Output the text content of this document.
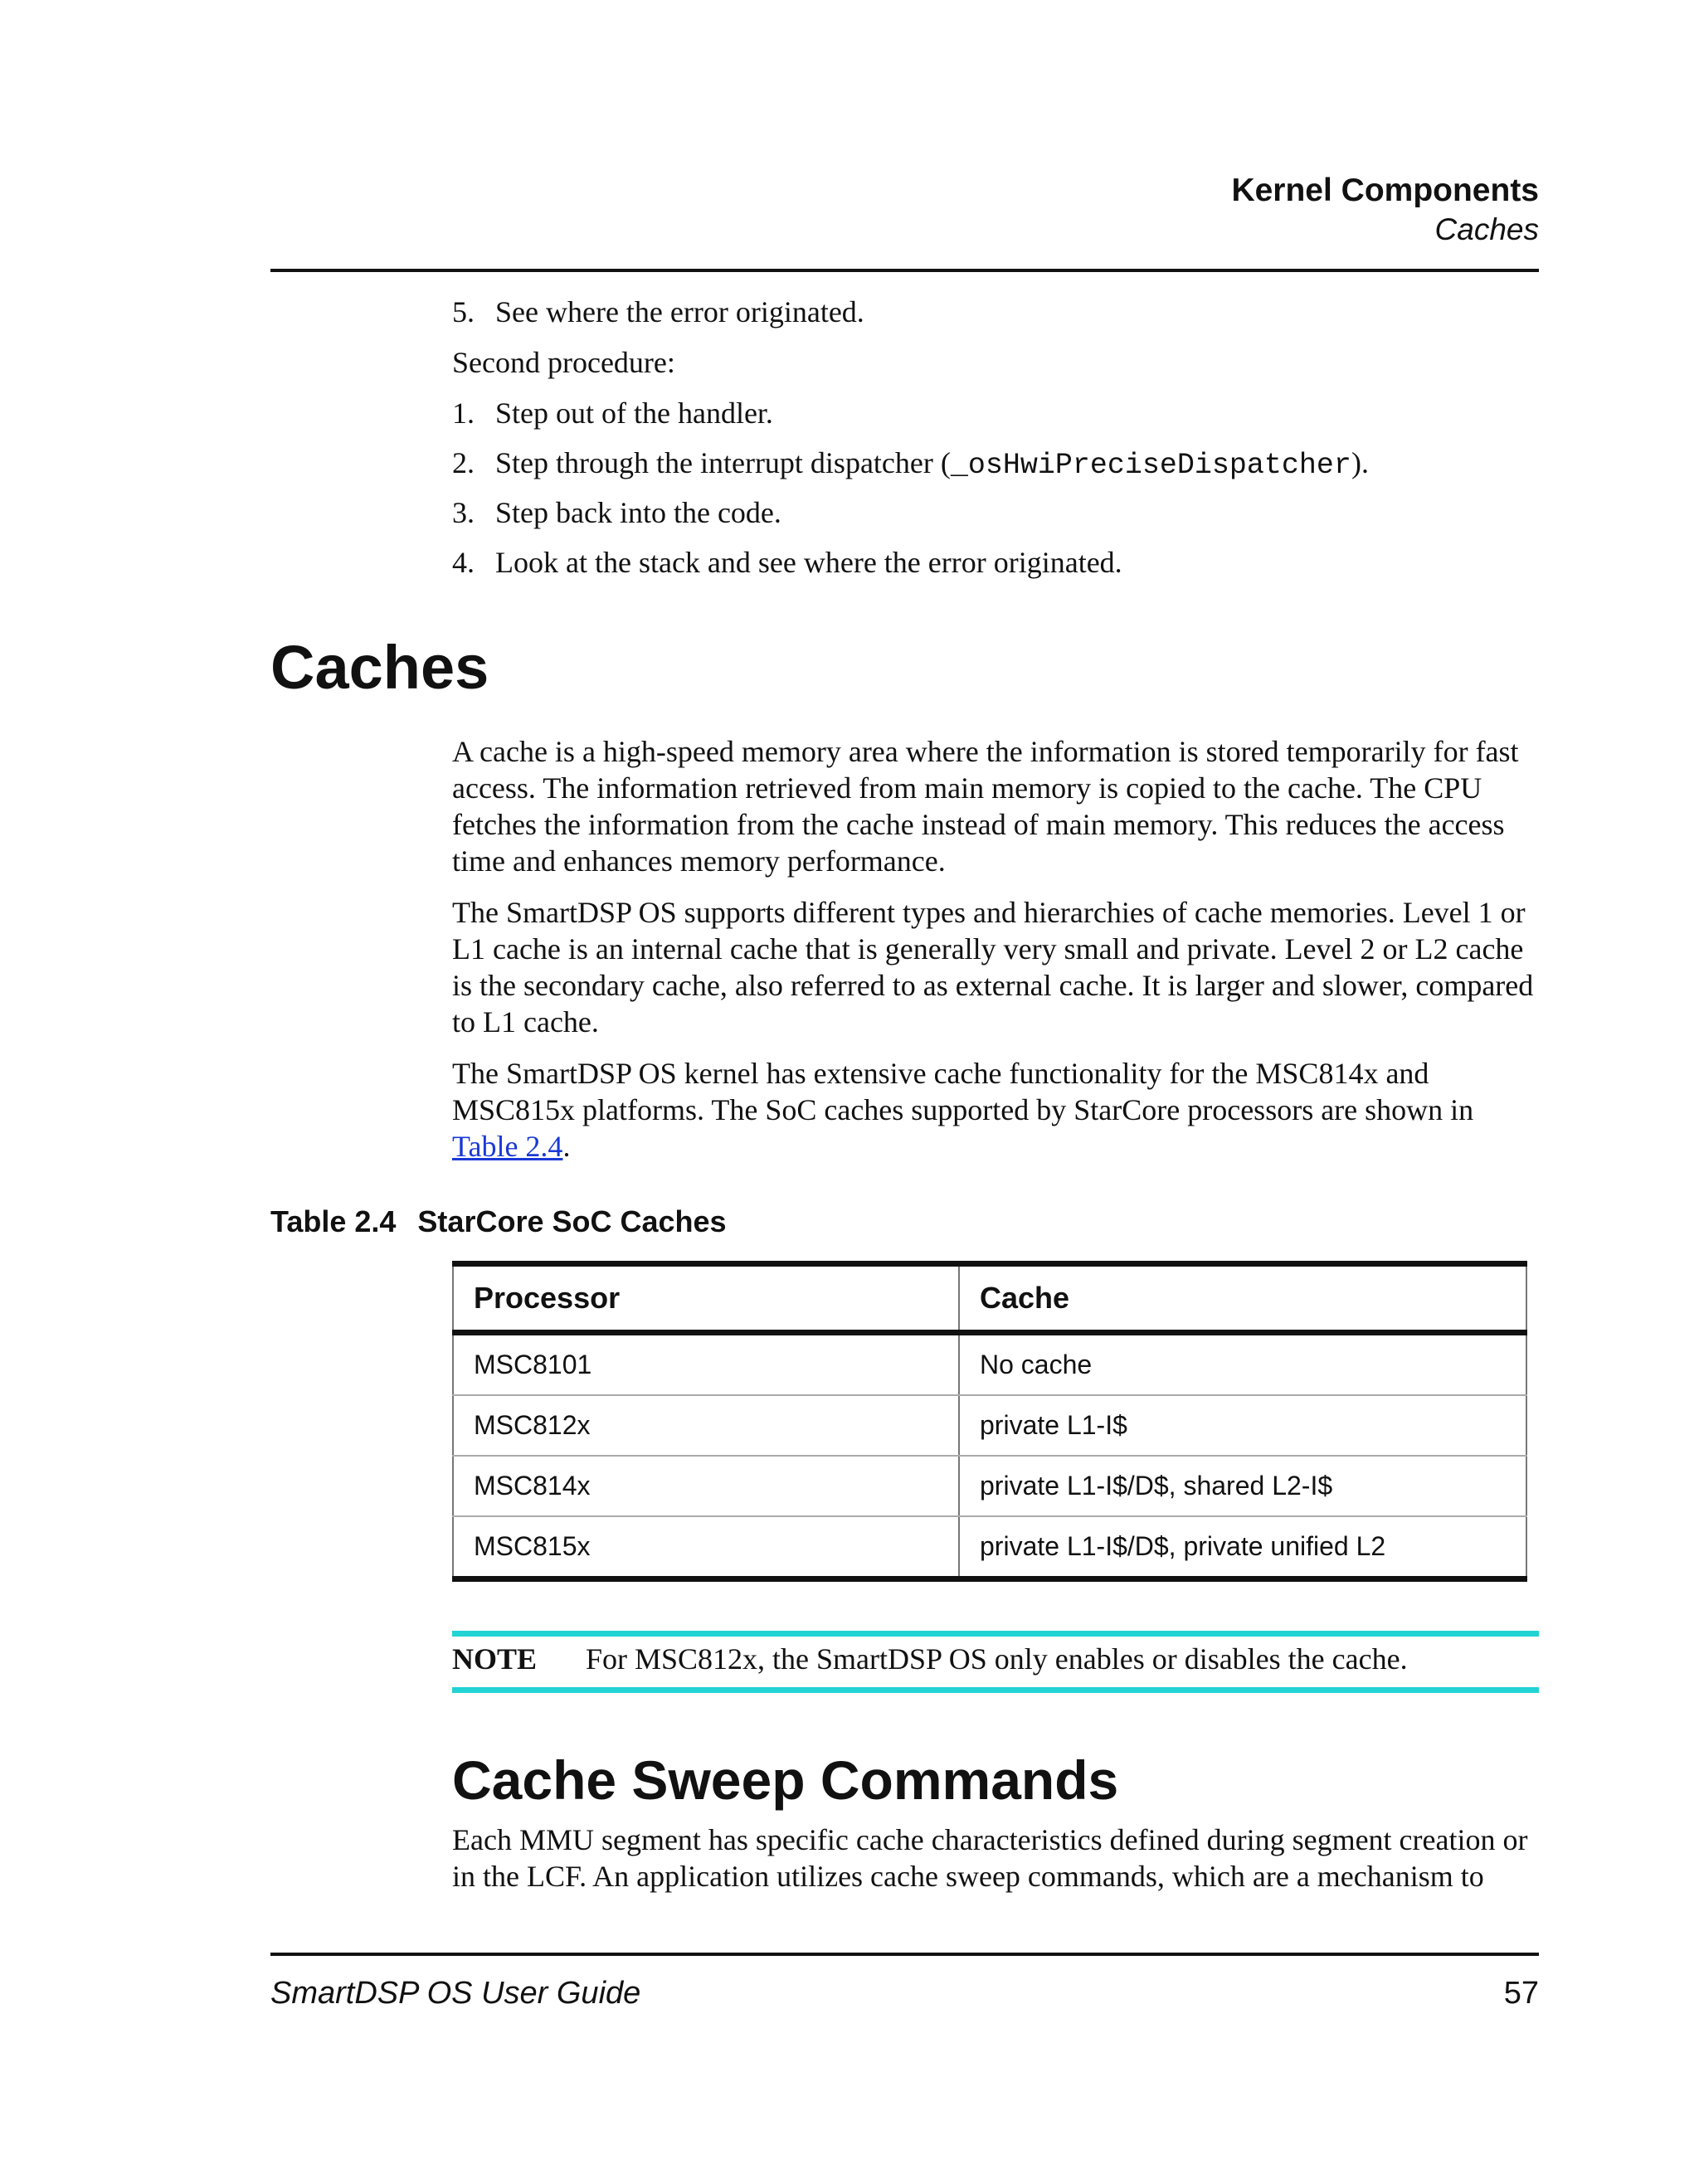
Kernel Components
Caches
5. See where the error originated.
Second procedure:
1. Step out of the handler.
2. Step through the interrupt dispatcher (_osHwiPreciseDispatcher).
3. Step back into the code.
4. Look at the stack and see where the error originated.
Caches
A cache is a high-speed memory area where the information is stored temporarily for fast access. The information retrieved from main memory is copied to the cache. The CPU fetches the information from the cache instead of main memory. This reduces the access time and enhances memory performance.
The SmartDSP OS supports different types and hierarchies of cache memories. Level 1 or L1 cache is an internal cache that is generally very small and private. Level 2 or L2 cache is the secondary cache, also referred to as external cache. It is larger and slower, compared to L1 cache.
The SmartDSP OS kernel has extensive cache functionality for the MSC814x and MSC815x platforms. The SoC caches supported by StarCore processors are shown in Table 2.4.
Table 2.4 StarCore SoC Caches
Processor	Cache
MSC8101	No cache
MSC812x	private L1-I$
MSC814x	private L1-I$/D$, shared L2-I$
MSC815x	private L1-I$/D$, private unified L2
NOTE For MSC812x, the SmartDSP OS only enables or disables the cache.
Cache Sweep Commands
Each MMU segment has specific cache characteristics defined during segment creation or in the LCF. An application utilizes cache sweep commands, which are a mechanism to
SmartDSP OS User Guide	57
